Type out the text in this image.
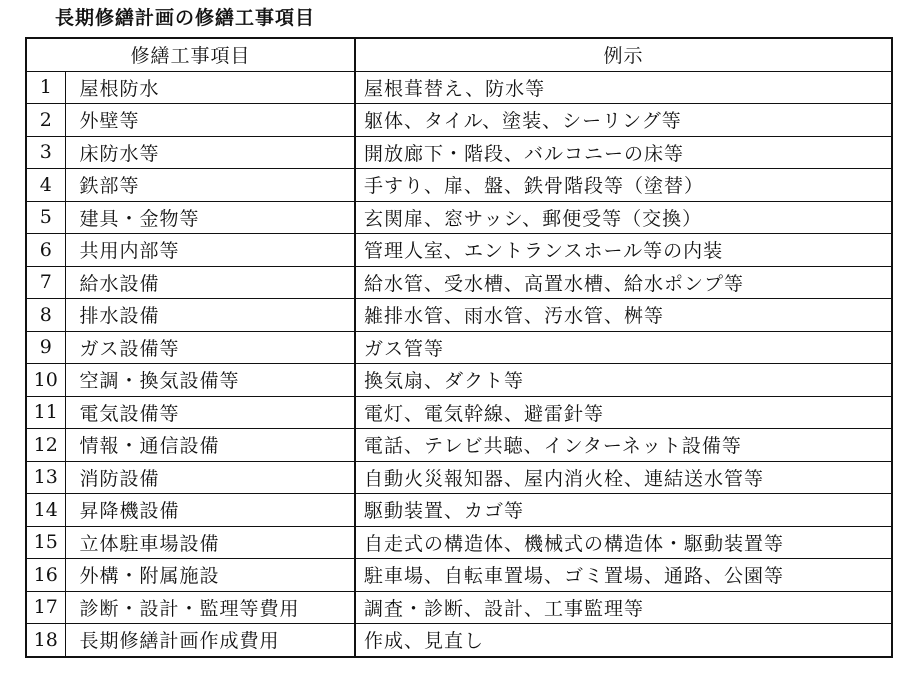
長期修繕計画の修繕工事項目
修繕工事項目		例示
1	屋根防水	屋根葺替え、防水等
2	外壁等	躯体、タイル、塗装、シーリング等
3	床防水等	開放廊下・階段、バルコニーの床等
4	鉄部等	手すり、扉、盤、鉄骨階段等（塗替）
5	建具・金物等	玄関扉、窓サッシ、郵便受等（交換）
6	共用内部等	管理人室、エントランスホール等の内装
7	給水設備	給水管、受水槽、高置水槽、給水ポンプ等
8	排水設備	雑排水管、雨水管、汚水管、桝等
9	ガス設備等	ガス管等
10	空調・換気設備等	換気扇、ダクト等
11	電気設備等	電灯、電気幹線、避雷針等
12	情報・通信設備	電話、テレビ共聴、インターネット設備等
13	消防設備	自動火災報知器、屋内消火栓、連結送水管等
14	昇降機設備	駆動装置、カゴ等
15	立体駐車場設備	自走式の構造体、機械式の構造体・駆動装置等
16	外構・附属施設	駐車場、自転車置場、ゴミ置場、通路、公園等
17	診断・設計・監理等費用	調査・診断、設計、工事監理等
18	長期修繕計画作成費用	作成、見直し
